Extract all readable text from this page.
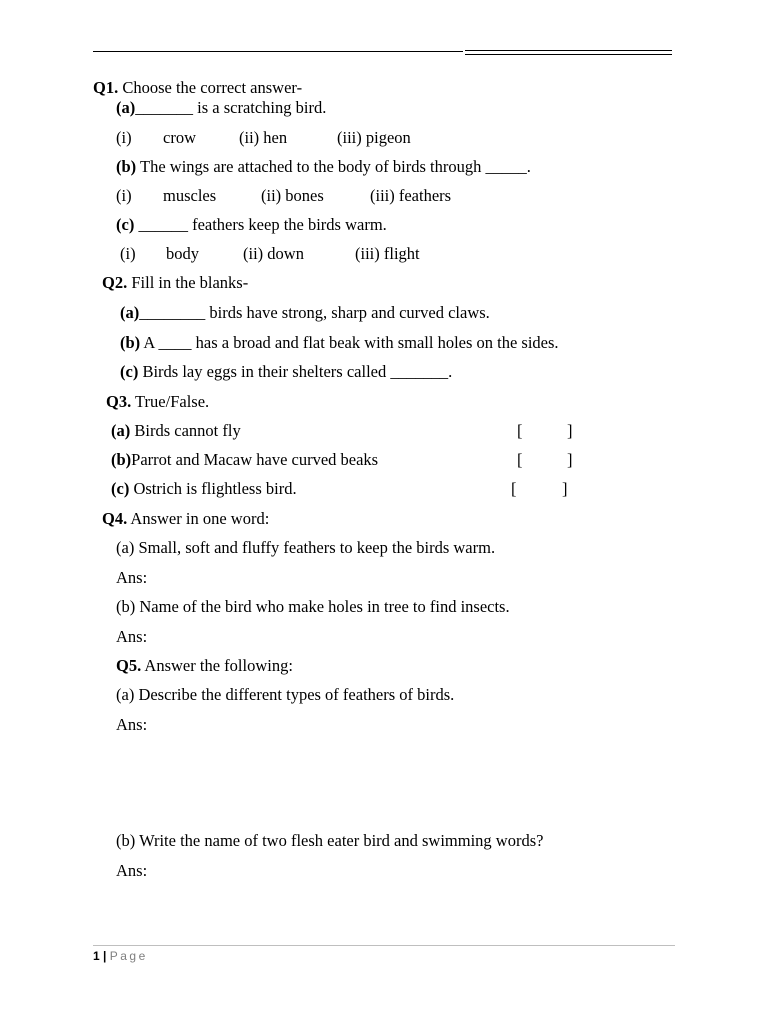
Q1. Choose the correct answer-
(a)_______ is a scratching bird.
(i) crow	(ii) hen	(iii) pigeon
(b) The wings are attached to the body of birds through _____.
(i) muscles	(ii) bones	(iii) feathers
(c) ______ feathers keep the birds warm.
(i) body	(ii) down	(iii) flight
Q2. Fill in the blanks-
(a)________ birds have strong, sharp and curved claws.
(b) A ____ has a broad and flat beak with small holes on the sides.
(c) Birds lay eggs in their shelters called _______.
Q3. True/False.
(a) Birds cannot fly	[	]
(b)Parrot and Macaw have curved beaks	[	]
(c) Ostrich is flightless bird.	[	]
Q4. Answer in one word:
(a) Small, soft and fluffy feathers to keep the birds warm.
Ans:
(b) Name of the bird who make holes in tree to find insects.
Ans:
Q5. Answer the following:
(a) Describe the different types of feathers of birds.
Ans:
(b) Write the name of two flesh eater bird and swimming words?
Ans:
1 | Page
